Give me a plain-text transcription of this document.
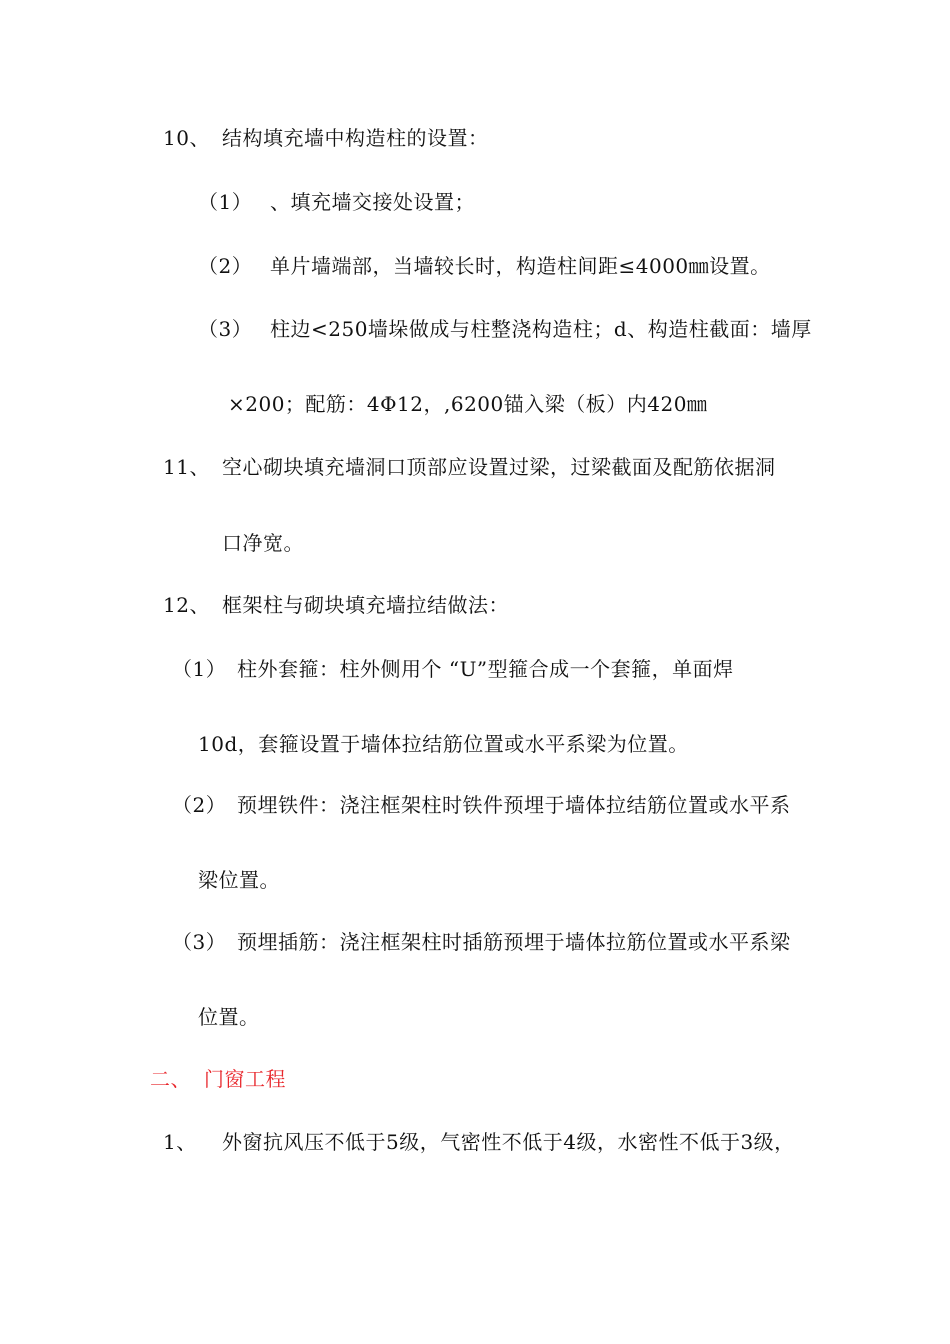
10、 结构填充墙中构造柱的设置：
（1） 、填充墙交接处设置；
（2） 单片墙端部，当墙较长时，构造柱间距≤4000㎜设置。
（3） 柱边<250墙垛做成与柱整浇构造柱；d、构造柱截面：墙厚
×200；配筋：4Φ12，,6200锚入梁（板）内420㎜
11、 空心砌块填充墙洞口顶部应设置过梁，过梁截面及配筋依据洞
口净宽。
12、 框架柱与砌块填充墙拉结做法：
（1） 柱外套箍：柱外侧用个 “U”型箍合成一个套箍，单面焊
10d，套箍设置于墙体拉结筋位置或水平系梁为位置。
（2） 预埋铁件：浇注框架柱时铁件预埋于墙体拉结筋位置或水平系
梁位置。
（3） 预埋插筋：浇注框架柱时插筋预埋于墙体拉筋位置或水平系梁
位置。
二、 门窗工程
1、 外窗抗风压不低于5级，气密性不低于4级，水密性不低于3级，
